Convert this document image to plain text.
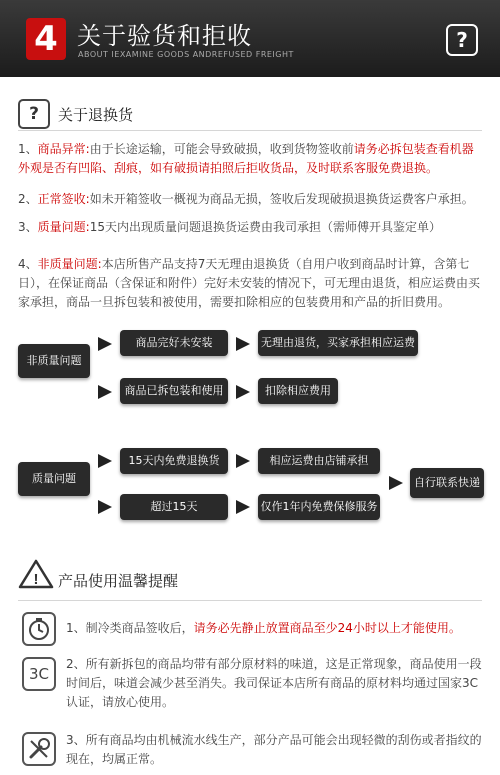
4 关于验货和拒收
ABOUT IEXAMINE GOODS ANDREFUSED FREIGHT
?
?	关于退换货
1、商品异常:由于长途运输，可能会导致破损，收到货物签收前请务必拆包装查看机器外观是否有凹陷、刮痕，如有破损请拍照后拒收货品，及时联系客服免费退换。
2、正常签收:如未开箱签收一概视为商品无损，签收后发现破损退换货运费客户承担。
3、质量问题:15天内出现质量问题退换货运费由我司承担（需师傅开具鉴定单）
4、非质量问题:本店所售产品支持7天无理由退换货（自用户收到商品时计算，含第七日），在保证商品（含保证和附件）完好未安装的情况下，可无理由退货，相应运费由买家承担，商品一旦拆包装和被使用，需要扣除相应的包装费用和产品的折旧费用。
非质量问题
商品完好未安装	无理由退货，买家承担相应运费
商品已拆包装和使用	扣除相应费用
质量问题
15天内免费退换货	相应运费由店铺承担
超过15天	仅作1年内免费保修服务
自行联系快递
! 产品使用温馨提醒
1、制冷类商品签收后，请务必先静止放置商品至少24小时以上才能使用。
3C
2、所有新拆包的商品均带有部分原材料的味道，这是正常现象，商品使用一段时间后，味道会减少甚至消失。我司保证本店所有商品的原材料均通过国家3C认证，请放心使用。
3、所有商品均由机械流水线生产，部分产品可能会出现轻微的刮伤或者指纹的现在，均属正常。
